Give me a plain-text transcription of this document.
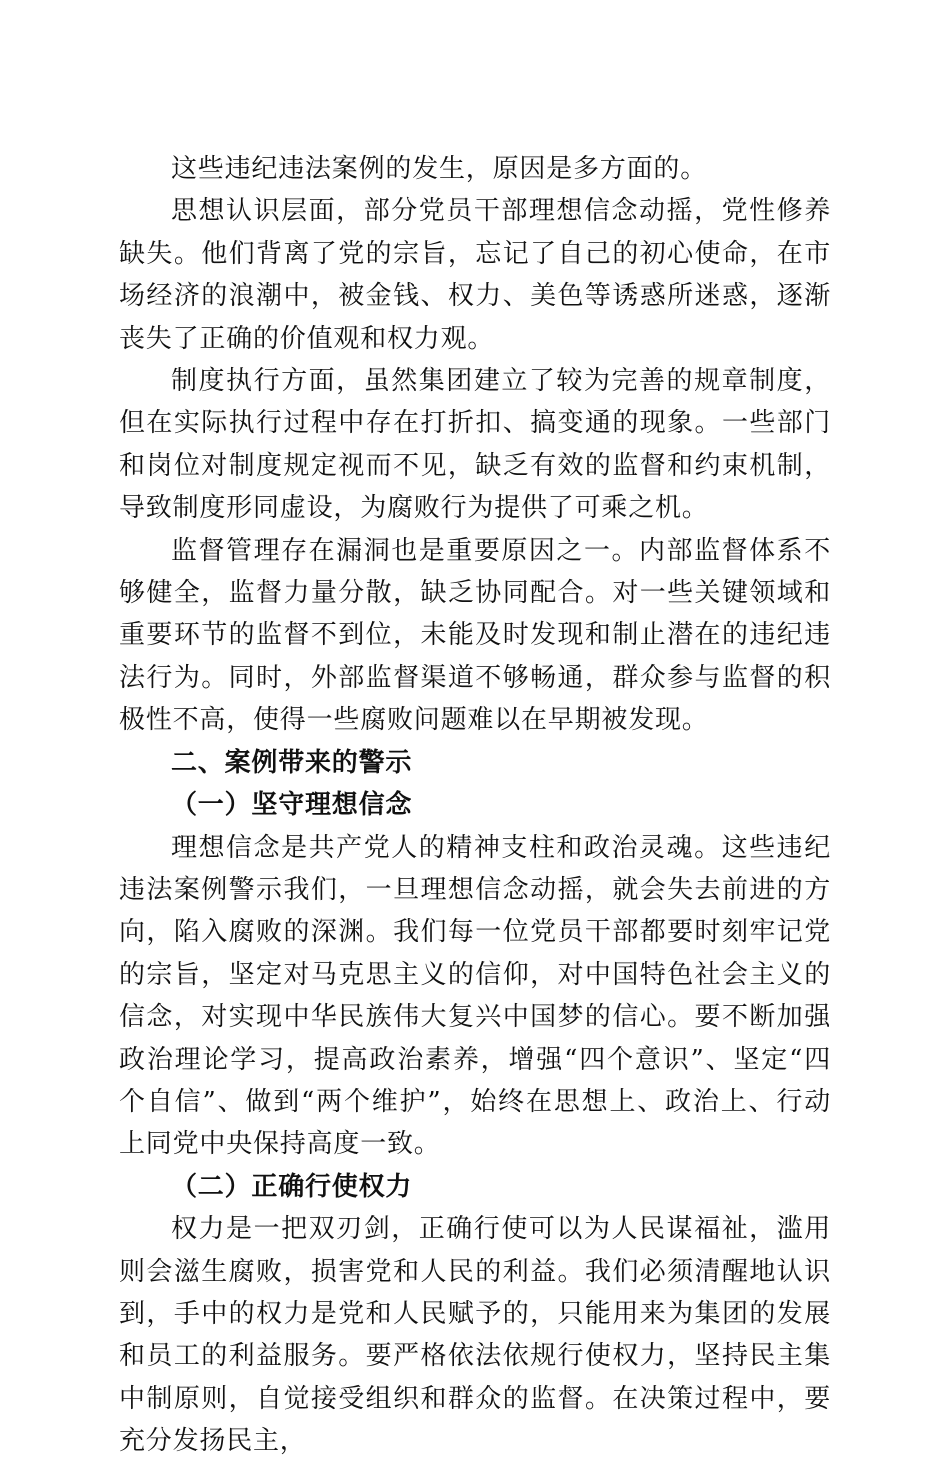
这些违纪违法案例的发生，原因是多方面的。

思想认识层面，部分党员干部理想信念动摇，党性修养缺失。他们背离了党的宗旨，忘记了自己的初心使命，在市场经济的浪潮中，被金钱、权力、美色等诱惑所迷惑，逐渐丧失了正确的价值观和权力观。

制度执行方面，虽然集团建立了较为完善的规章制度，但在实际执行过程中存在打折扣、搞变通的现象。一些部门和岗位对制度规定视而不见，缺乏有效的监督和约束机制，导致制度形同虚设，为腐败行为提供了可乘之机。

监督管理存在漏洞也是重要原因之一。内部监督体系不够健全，监督力量分散，缺乏协同配合。对一些关键领域和重要环节的监督不到位，未能及时发现和制止潜在的违纪违法行为。同时，外部监督渠道不够畅通，群众参与监督的积极性不高，使得一些腐败问题难以在早期被发现。

二、案例带来的警示

（一）坚守理想信念

理想信念是共产党人的精神支柱和政治灵魂。这些违纪违法案例警示我们，一旦理想信念动摇，就会失去前进的方向，陷入腐败的深渊。我们每一位党员干部都要时刻牢记党的宗旨，坚定对马克思主义的信仰，对中国特色社会主义的信念，对实现中华民族伟大复兴中国梦的信心。要不断加强政治理论学习，提高政治素养，增强“四个意识”、坚定“四个自信”、做到“两个维护”，始终在思想上、政治上、行动上同党中央保持高度一致。

（二）正确行使权力

权力是一把双刃剑，正确行使可以为人民谋福祉，滥用则会滋生腐败，损害党和人民的利益。我们必须清醒地认识到，手中的权力是党和人民赋予的，只能用来为集团的发展和员工的利益服务。要严格依法依规行使权力，坚持民主集中制原则，自觉接受组织和群众的监督。在决策过程中，要充分发扬民主，
